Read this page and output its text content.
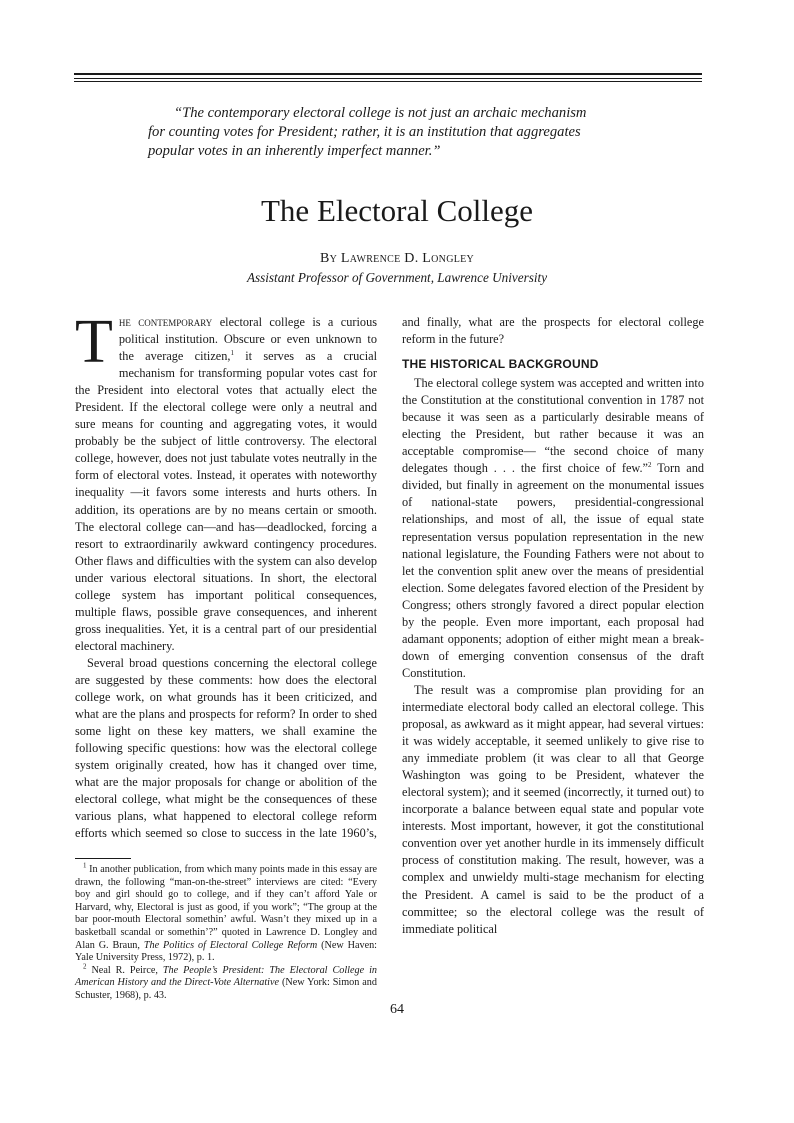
“The contemporary electoral college is not just an archaic mechanism
for counting votes for President; rather, it is an institution that aggregates
popular votes in an inherently imperfect manner.”
The Electoral College
By Lawrence D. Longley
Assistant Professor of Government, Lawrence University

The contemporary electoral college is a curious political institution. Obscure or even unknown to the average citizen,$^1$ it serves as a crucial mechanism for transforming popular votes cast for the President into electoral votes that actually elect the President. If the electoral college were only a neutral and sure means for counting and aggregating votes, it would probably be the subject of little controversy. The electoral college, however, does not just tabulate votes neutrally in the form of electoral votes. Instead, it operates with noteworthy inequality —it favors some interests and hurts others. In addition, its operations are by no means certain or smooth. The electoral college can—and has—deadlocked, forcing a resort to extraordinarily awkward contingency procedures. Other flaws and difficulties with the system can also develop under various electoral situations. In short, the electoral college system has important political consequences, multiple flaws, possible grave consequences, and inherent gross inequalities. Yet, it is a central part of our presidential electoral machinery.

Several broad questions concerning the electoral college are suggested by these comments: how does the electoral college work, on what grounds has it been criticized, and what are the plans and prospects for reform? In order to shed some light on these key matters, we shall examine the following specific questions: how was the electoral college system originally created, how has it changed over time, what are the major proposals for change or abolition of the electoral college, what might be the consequences of these various plans, what happened to electoral college reform efforts which seemed so close to success in the late 1960’s,

$^1$ In another publication, from which many points made in this essay are drawn, the following “man-on-the-street” interviews are cited: “Every boy and girl should go to college, and if they can’t afford Yale or Harvard, why, Electoral is just as good, if you work”; “The group at the bar poor-mouth Electoral somethin’ awful. Wasn’t they mixed up in a basketball scandal or somethin’?” quoted in Lawrence D. Longley and Alan G. Braun, The Politics of Electoral College Reform (New Haven: Yale University Press, 1972), p. 1.

$^2$ Neal R. Peirce, The People’s President: The Electoral College in American History and the Direct-Vote Alternative (New York: Simon and Schuster, 1968), p. 43.

and finally, what are the prospects for electoral college reform in the future?

THE HISTORICAL BACKGROUND

The electoral college system was accepted and written into the Constitution at the constitutional convention in 1787 not because it was seen as a particularly desirable means of electing the President, but rather because it was an acceptable compromise— “the second choice of many delegates though . . . the first choice of few.”$^2$ Torn and divided, but finally in agreement on the monumental issues of national-state powers, presidential-congressional relationships, and most of all, the issue of equal state representation versus population representation in the new national legislature, the Founding Fathers were not about to let the convention split anew over the means of presidential election. Some delegates favored election of the President by Congress; others strongly favored a direct popular election by the people. Even more important, each proposal had adamant opponents; adoption of either might mean a break-down of emerging convention consensus of the draft Constitution.

The result was a compromise plan providing for an intermediate electoral body called an electoral college. This proposal, as awkward as it might appear, had several virtues: it was widely acceptable, it seemed unlikely to give rise to any immediate problem (it was clear to all that George Washington was going to be President, whatever the electoral system); and it seemed (incorrectly, it turned out) to incorporate a balance between equal state and popular vote interests. Most important, however, it got the constitutional convention over yet another hurdle in its immensely difficult process of constitution making. The result, however, was a complex and unwieldy multi-stage mechanism for electing the President. A camel is said to be the product of a committee; so the electoral college was the result of immediate political

64
